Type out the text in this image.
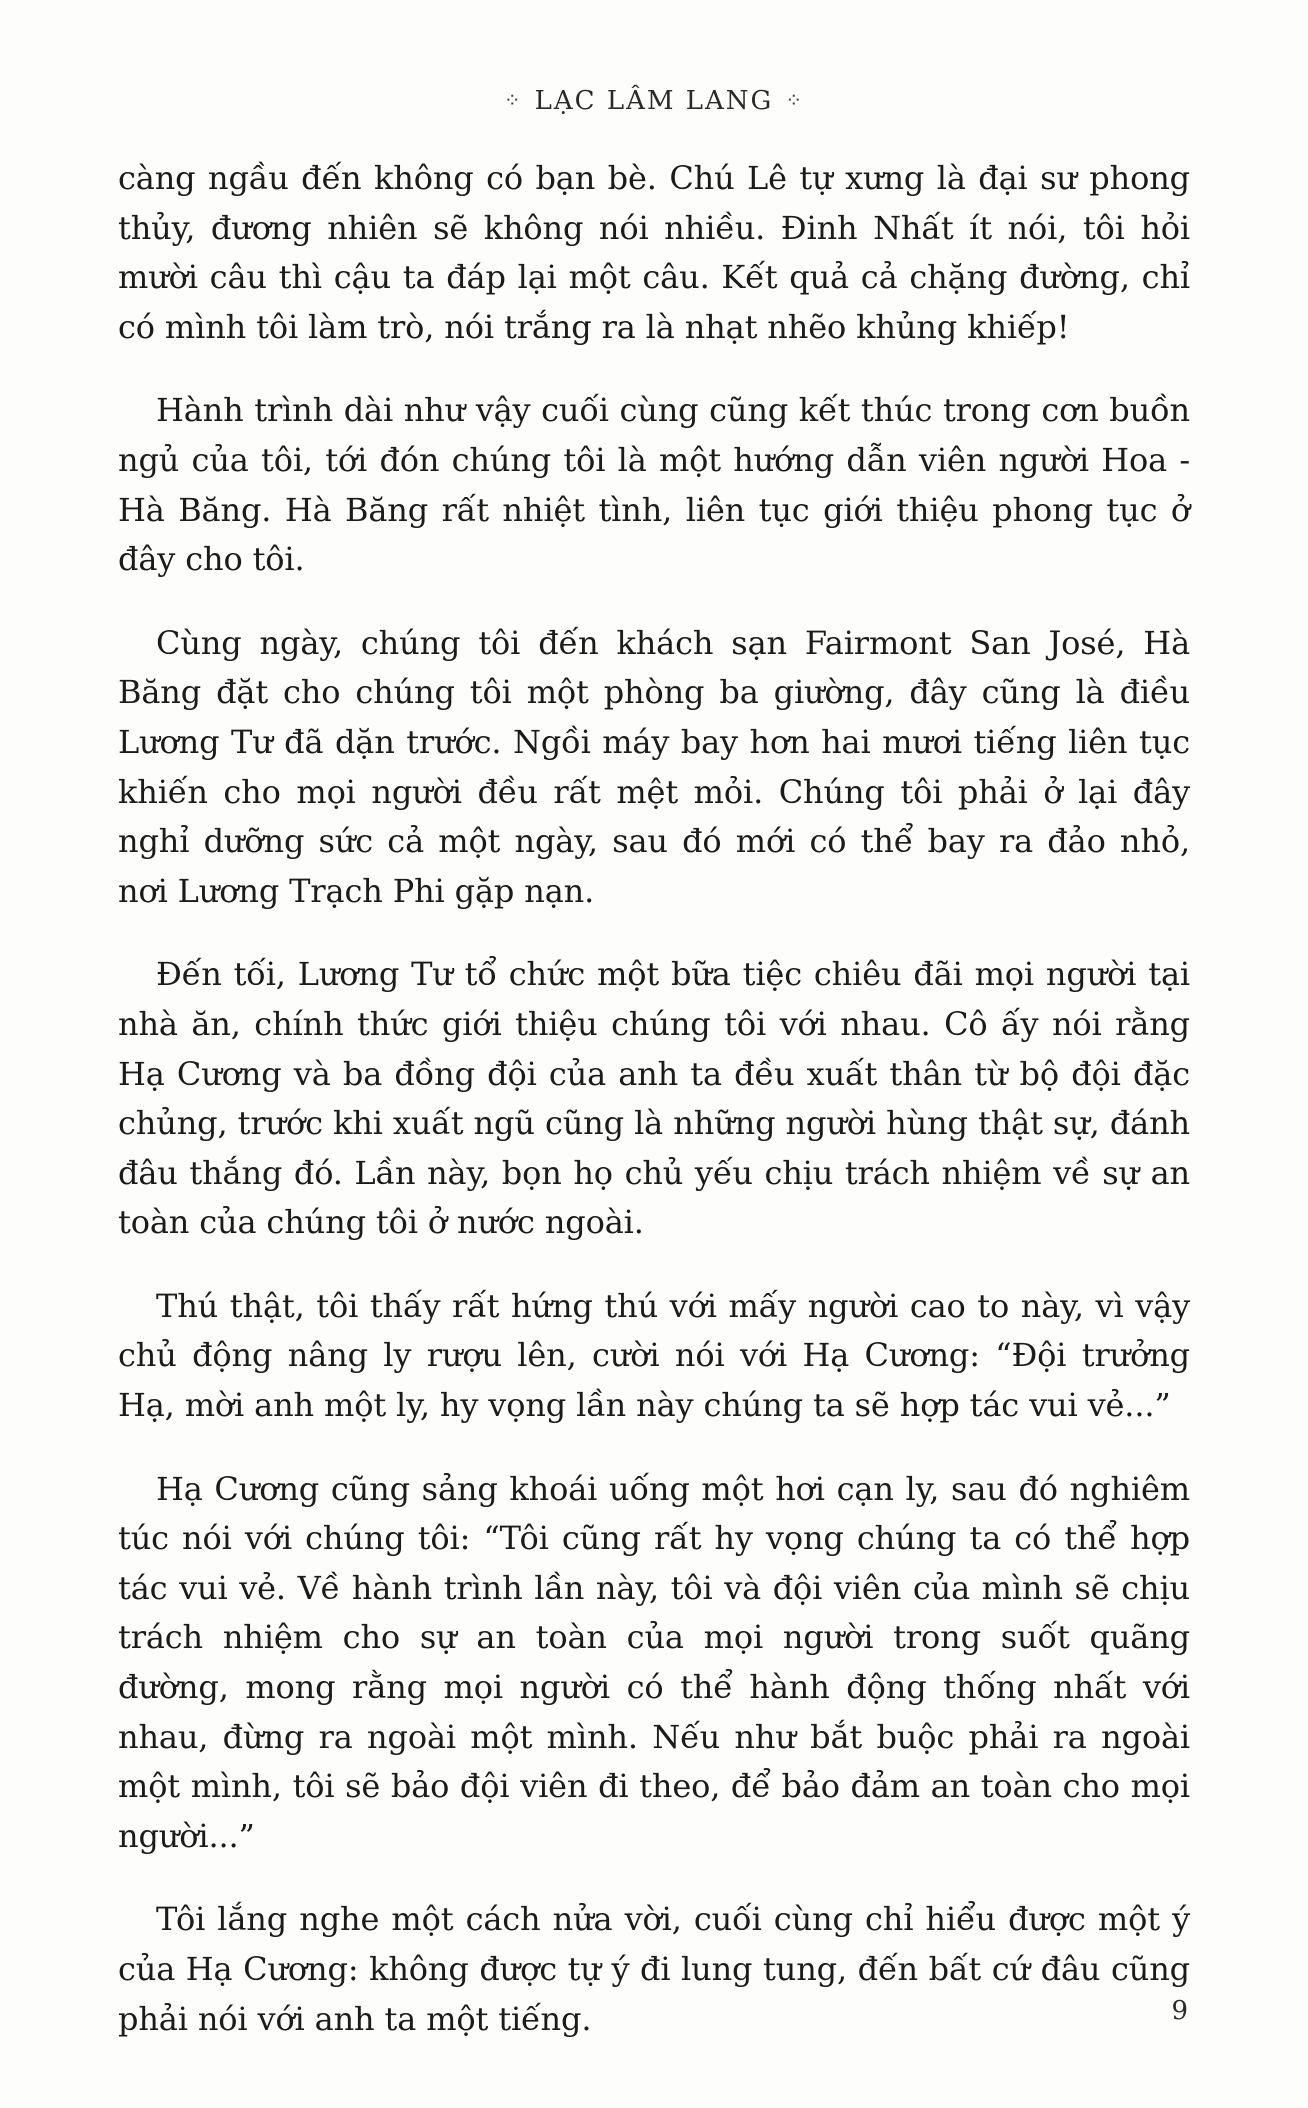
⁘ LẠC LÂM LANG ⁘

càng ngầu đến không có bạn bè. Chú Lê tự xưng là đại sư phong thủy, đương nhiên sẽ không nói nhiều. Đinh Nhất ít nói, tôi hỏi mười câu thì cậu ta đáp lại một câu. Kết quả cả chặng đường, chỉ có mình tôi làm trò, nói trắng ra là nhạt nhẽo khủng khiếp!

Hành trình dài như vậy cuối cùng cũng kết thúc trong cơn buồn ngủ của tôi, tới đón chúng tôi là một hướng dẫn viên người Hoa - Hà Băng. Hà Băng rất nhiệt tình, liên tục giới thiệu phong tục ở đây cho tôi.

Cùng ngày, chúng tôi đến khách sạn Fairmont San José, Hà Băng đặt cho chúng tôi một phòng ba giường, đây cũng là điều Lương Tư đã dặn trước. Ngồi máy bay hơn hai mươi tiếng liên tục khiến cho mọi người đều rất mệt mỏi. Chúng tôi phải ở lại đây nghỉ dưỡng sức cả một ngày, sau đó mới có thể bay ra đảo nhỏ, nơi Lương Trạch Phi gặp nạn.

Đến tối, Lương Tư tổ chức một bữa tiệc chiêu đãi mọi người tại nhà ăn, chính thức giới thiệu chúng tôi với nhau. Cô ấy nói rằng Hạ Cương và ba đồng đội của anh ta đều xuất thân từ bộ đội đặc chủng, trước khi xuất ngũ cũng là những người hùng thật sự, đánh đâu thắng đó. Lần này, bọn họ chủ yếu chịu trách nhiệm về sự an toàn của chúng tôi ở nước ngoài.

Thú thật, tôi thấy rất hứng thú với mấy người cao to này, vì vậy chủ động nâng ly rượu lên, cười nói với Hạ Cương: “Đội trưởng Hạ, mời anh một ly, hy vọng lần này chúng ta sẽ hợp tác vui vẻ...”

Hạ Cương cũng sảng khoái uống một hơi cạn ly, sau đó nghiêm túc nói với chúng tôi: “Tôi cũng rất hy vọng chúng ta có thể hợp tác vui vẻ. Về hành trình lần này, tôi và đội viên của mình sẽ chịu trách nhiệm cho sự an toàn của mọi người trong suốt quãng đường, mong rằng mọi người có thể hành động thống nhất với nhau, đừng ra ngoài một mình. Nếu như bắt buộc phải ra ngoài một mình, tôi sẽ bảo đội viên đi theo, để bảo đảm an toàn cho mọi người...”

Tôi lắng nghe một cách nửa vời, cuối cùng chỉ hiểu được một ý của Hạ Cương: không được tự ý đi lung tung, đến bất cứ đâu cũng phải nói với anh ta một tiếng.	9
